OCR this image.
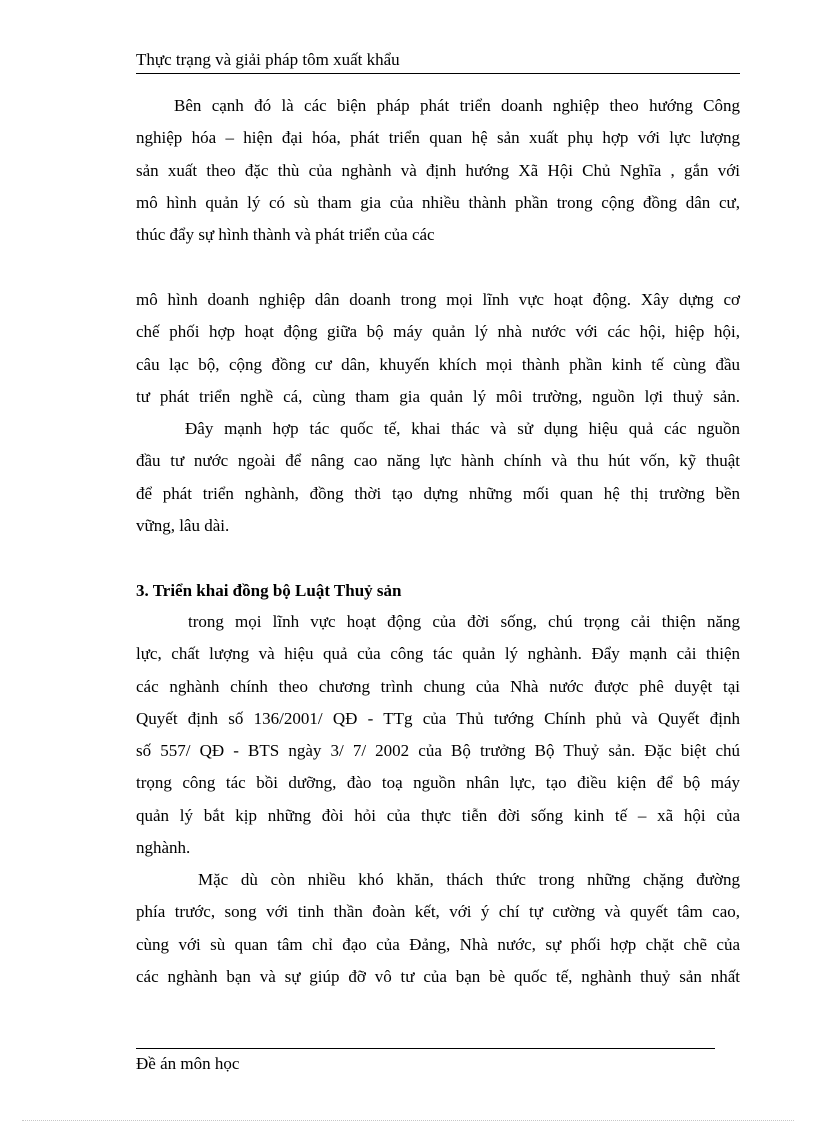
Thực trạng và giải pháp tôm xuất khẩu
Bên cạnh đó là các biện pháp phát triển doanh nghiệp theo hướng Công
nghiệp hóa – hiện đại hóa, phát triển quan hệ sản xuất phụ hợp với lực lượng
sản xuất theo đặc thù của nghành và định hướng Xã Hội Chủ Nghĩa , gắn với
mô hình quản lý có sù tham gia của nhiều thành phần trong cộng đồng dân cư,
thúc đẩy sự hình thành và phát triển của các
mô hình doanh nghiệp dân doanh trong mọi lĩnh vực hoạt động. Xây dựng cơ
chế phối hợp hoạt động giữa bộ máy quản lý nhà nước với các hội, hiệp hội,
câu lạc bộ, cộng đồng cư dân, khuyến khích mọi thành phần kinh tế cùng đầu
tư phát triển nghề cá, cùng tham gia quản lý môi trường, nguồn lợi thuỷ sản.
Đây mạnh hợp tác quốc tế, khai thác và sử dụng hiệu quả các nguồn
đầu tư nước ngoài để nâng cao năng lực hành chính và thu hút vốn, kỹ thuật
để phát triển nghành, đồng thời tạo dựng những mối quan hệ thị trường bền
vững, lâu dài.
3. Triển khai đồng bộ Luật Thuỷ sản
trong mọi lĩnh vực hoạt động của đời sống, chú trọng cải thiện năng
lực, chất lượng và hiệu quả của công tác quản lý nghành. Đẩy mạnh cải thiện
các nghành chính theo chương trình chung của Nhà nước được phê duyệt tại
Quyết định số 136/2001/ QĐ - TTg của Thủ tướng Chính phủ và Quyết định
số 557/ QĐ - BTS ngày 3/ 7/ 2002 của Bộ trưởng Bộ Thuỷ sản. Đặc biệt chú
trọng công tác bồi dưỡng, đào toạ nguồn nhân lực, tạo điều kiện để bộ máy
quản lý bắt kịp những đòi hỏi của thực tiễn đời sống kinh tế – xã hội của
nghành.
Mặc dù còn nhiều khó khăn, thách thức trong những chặng đường
phía trước, song với tinh thần đoàn kết, với ý chí tự cường và quyết tâm cao,
cùng với sù quan tâm chỉ đạo của Đảng, Nhà nước, sự phối hợp chặt chẽ của
các nghành bạn và sự giúp đỡ vô tư của bạn bè quốc tế, nghành thuỷ sản nhất
Đề án môn học
